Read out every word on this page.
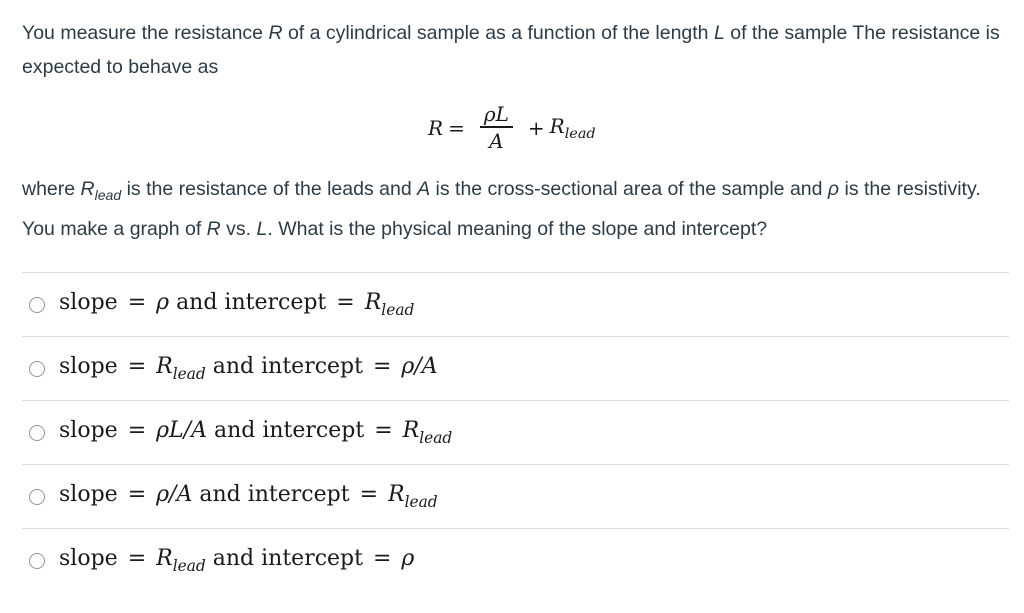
You measure the resistance R of a cylindrical sample as a function of the length L of the sample The resistance is expected to behave as

$R = \frac{\rho L}{A} + R_{lead}$
where $R_{lead}$ is the resistance of the leads and A is the cross-sectional area of the sample and ρ is the resistivity. You make a graph of R vs. L. What is the physical meaning of the slope and intercept?
slope = ρ and intercept = $R_{lead}$
slope = $R_{lead}$ and intercept = ρ/A
slope = ρL/A and intercept = $R_{lead}$
slope = ρ/A and intercept = $R_{lead}$
slope = $R_{lead}$ and intercept = ρ
